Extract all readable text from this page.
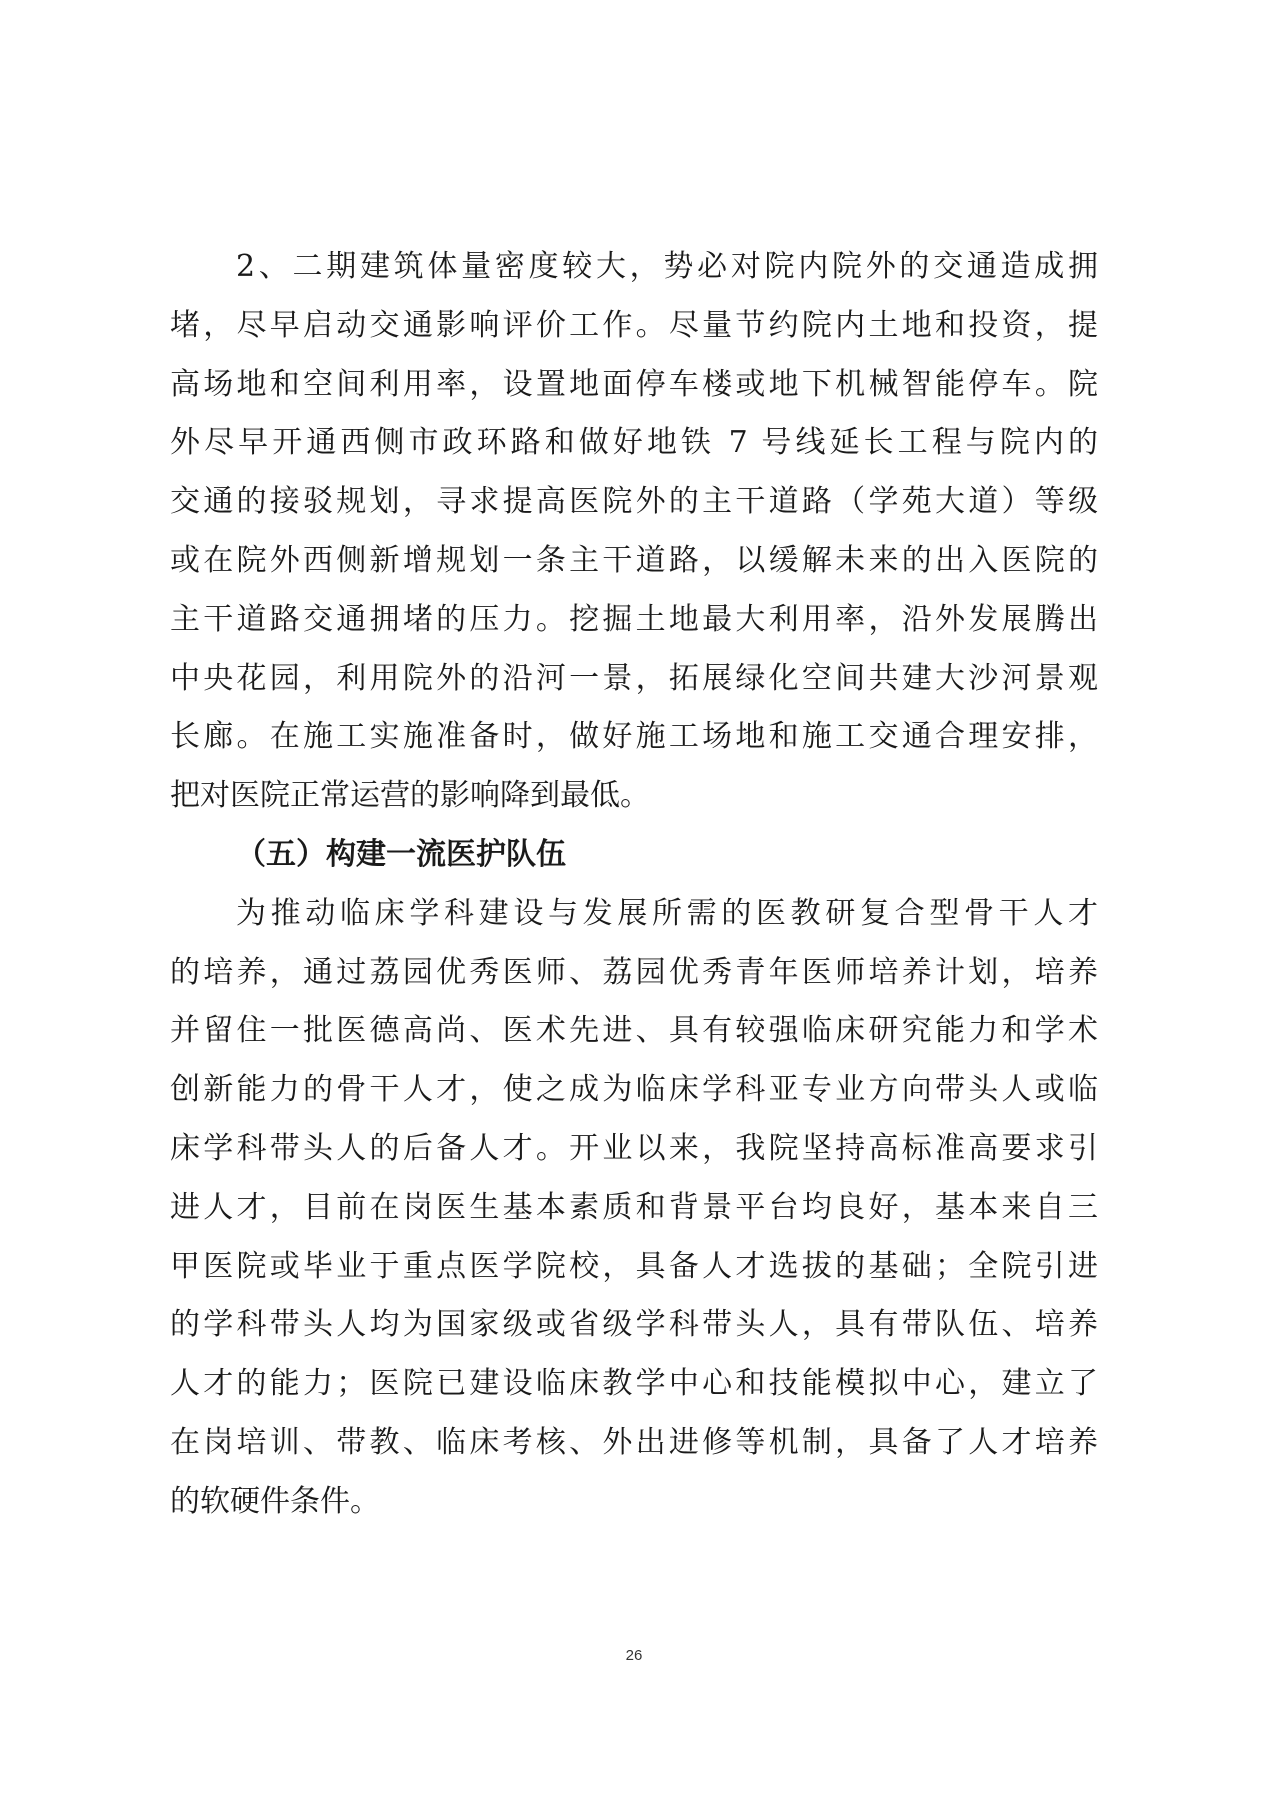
2、二期建筑体量密度较大，势必对院内院外的交通造成拥
堵，尽早启动交通影响评价工作。尽量节约院内土地和投资，提
高场地和空间利用率，设置地面停车楼或地下机械智能停车。院
外尽早开通西侧市政环路和做好地铁 7 号线延长工程与院内的
交通的接驳规划，寻求提高医院外的主干道路（学苑大道）等级
或在院外西侧新增规划一条主干道路，以缓解未来的出入医院的
主干道路交通拥堵的压力。挖掘土地最大利用率，沿外发展腾出
中央花园，利用院外的沿河一景，拓展绿化空间共建大沙河景观
长廊。在施工实施准备时，做好施工场地和施工交通合理安排，
把对医院正常运营的影响降到最低。
（五）构建一流医护队伍
为推动临床学科建设与发展所需的医教研复合型骨干人才
的培养，通过荔园优秀医师、荔园优秀青年医师培养计划，培养
并留住一批医德高尚、医术先进、具有较强临床研究能力和学术
创新能力的骨干人才，使之成为临床学科亚专业方向带头人或临
床学科带头人的后备人才。开业以来，我院坚持高标准高要求引
进人才，目前在岗医生基本素质和背景平台均良好，基本来自三
甲医院或毕业于重点医学院校，具备人才选拔的基础；全院引进
的学科带头人均为国家级或省级学科带头人，具有带队伍、培养
人才的能力；医院已建设临床教学中心和技能模拟中心，建立了
在岗培训、带教、临床考核、外出进修等机制，具备了人才培养
的软硬件条件。
26
